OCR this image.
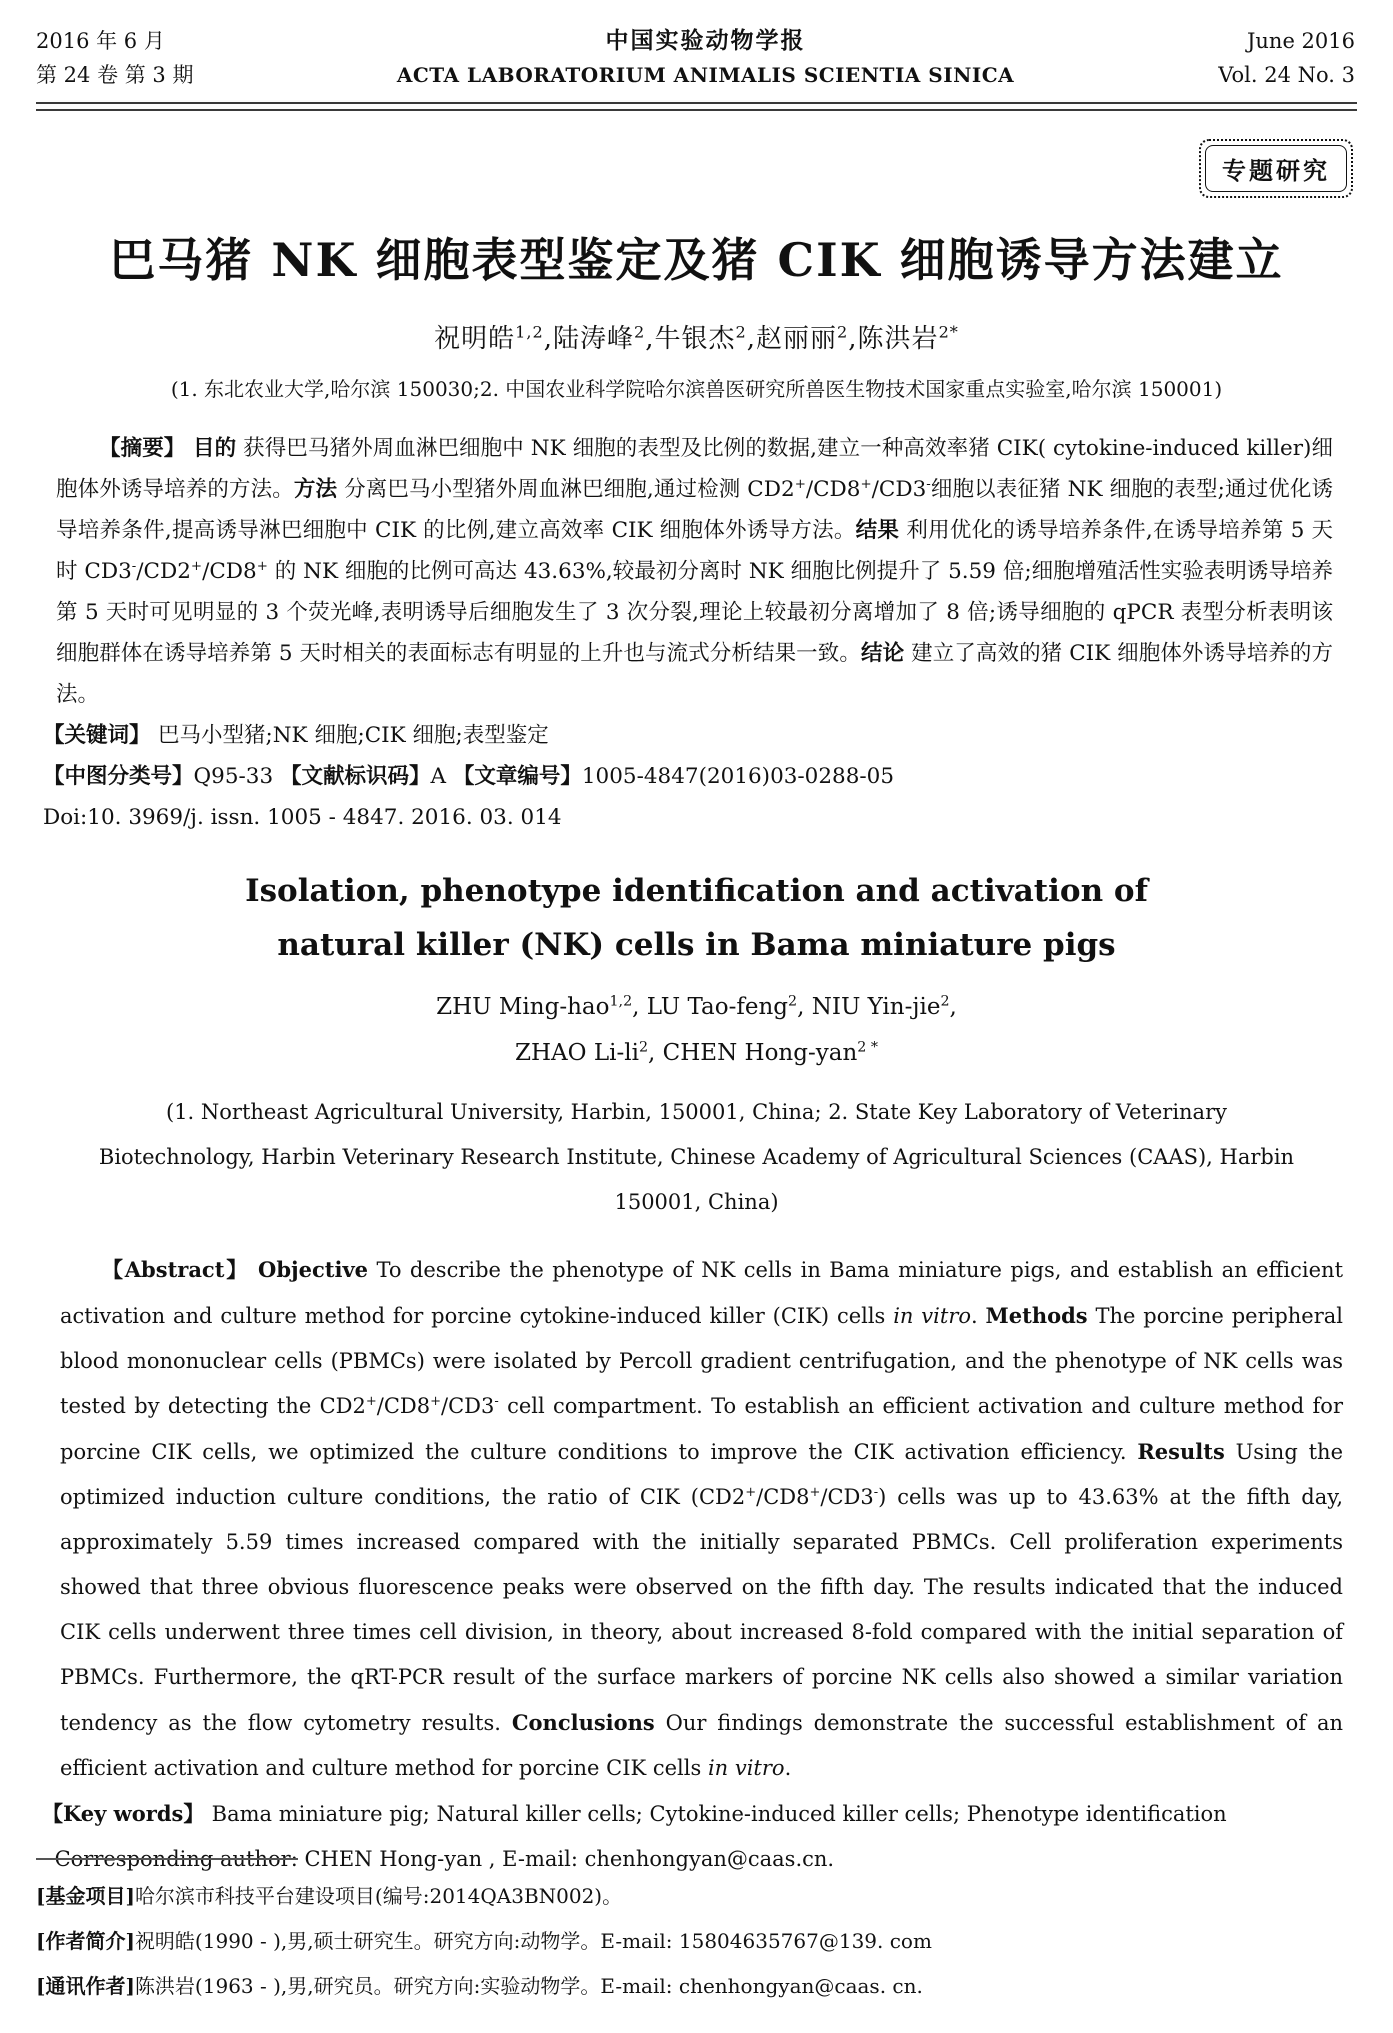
2016 年 6 月
第 24 卷 第 3 期
中国实验动物学报
ACTA LABORATORIUM ANIMALIS SCIENTIA SINICA
June 2016
Vol. 24 No. 3
专题研究
巴马猪 NK 细胞表型鉴定及猪 CIK 细胞诱导方法建立
祝明皓$^{1,2}$,陆涛峰$^2$,牛银杰$^2$,赵丽丽$^2$,陈洪岩$^{2*}$
(1. 东北农业大学,哈尔滨 150030;2. 中国农业科学院哈尔滨兽医研究所兽医生物技术国家重点实验室,哈尔滨 150001)

【摘要】 目的 获得巴马猪外周血淋巴细胞中 NK 细胞的表型及比例的数据,建立一种高效率猪 CIK( cytokine-induced killer)细胞体外诱导培养的方法。方法 分离巴马小型猪外周血淋巴细胞,通过检测 CD2+/CD8+/CD3-细胞以表征猪 NK 细胞的表型;通过优化诱导培养条件,提高诱导淋巴细胞中 CIK 的比例,建立高效率 CIK 细胞体外诱导方法。结果 利用优化的诱导培养条件,在诱导培养第 5 天时 CD3-/CD2+/CD8+ 的 NK 细胞的比例可高达 43.63%,较最初分离时 NK 细胞比例提升了 5.59 倍;细胞增殖活性实验表明诱导培养第 5 天时可见明显的 3 个荧光峰,表明诱导后细胞发生了 3 次分裂,理论上较最初分离增加了 8 倍;诱导细胞的 qPCR 表型分析表明该细胞群体在诱导培养第 5 天时相关的表面标志有明显的上升也与流式分析结果一致。结论 建立了高效的猪 CIK 细胞体外诱导培养的方法。

【关键词】 巴马小型猪;NK 细胞;CIK 细胞;表型鉴定

【中图分类号】Q95-33 【文献标识码】A 【文章编号】1005-4847(2016)03-0288-05

Doi:10. 3969/j. issn. 1005 - 4847. 2016. 03. 014

Isolation, phenotype identification and activation of
natural killer (NK) cells in Bama miniature pigs
ZHU Ming-hao$^{1,2}$, LU Tao-feng$^2$, NIU Yin-jie$^2$,
ZHAO $Li-li^2$, CHEN Hong-yan$^{2 *}$
(1. Northeast Agricultural University, Harbin, 150001, China; 2. State Key Laboratory of Veterinary Biotechnology, Harbin Veterinary Research Institute, Chinese Academy of Agricultural Sciences (CAAS), Harbin 150001, China)

【Abstract】 Objective To describe the phenotype of NK cells in Bama miniature pigs, and establish an efficient activation and culture method for porcine cytokine-induced killer (CIK) cells in vitro. Methods The porcine peripheral blood mononuclear cells (PBMCs) were isolated by Percoll gradient centrifugation, and the phenotype of NK cells was tested by detecting the CD2+/CD8+/CD3- cell compartment. To establish an efficient activation and culture method for porcine CIK cells, we optimized the culture conditions to improve the CIK activation efficiency. Results Using the optimized induction culture conditions, the ratio of CIK (CD2+/CD8+/CD3-) cells was up to 43.63% at the fifth day, approximately 5.59 times increased compared with the initially separated PBMCs. Cell proliferation experiments showed that three obvious fluorescence peaks were observed on the fifth day. The results indicated that the induced CIK cells underwent three times cell division, in theory, about increased 8-fold compared with the initial separation of PBMCs. Furthermore, the qRT-PCR result of the surface markers of porcine NK cells also showed a similar variation tendency as the flow cytometry results. Conclusions Our findings demonstrate the successful establishment of an efficient activation and culture method for porcine CIK cells in vitro.

【Key words】 Bama miniature pig; Natural killer cells; Cytokine-induced killer cells; Phenotype identification

Corresponding author: CHEN Hong-yan , E-mail: chenhongyan@caas.cn.

[基金项目]哈尔滨市科技平台建设项目(编号:2014QA3BN002)。
[作者简介]祝明皓(1990 - ),男,硕士研究生。研究方向:动物学。E-mail: 15804635767@139. com
[通讯作者]陈洪岩(1963 - ),男,研究员。研究方向:实验动物学。E-mail: chenhongyan@caas. cn.
